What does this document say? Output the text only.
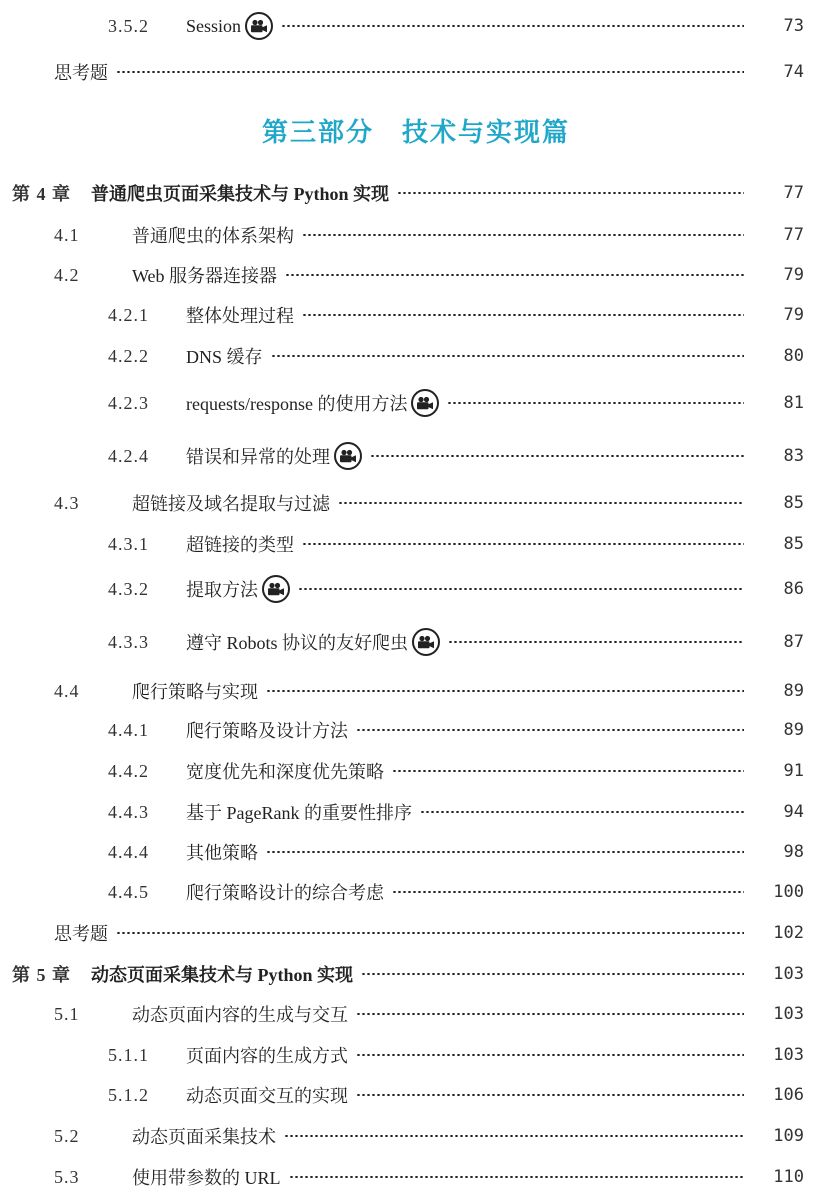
第三部分　技术与实现篇
3.5.2	Session	73
思考题	74
第 4 章 普通爬虫页面采集技术与 Python 实现	77
4.1	普通爬虫的体系架构	77
4.2	Web 服务器连接器	79
4.2.1	整体处理过程	79
4.2.2	DNS 缓存	80
4.2.3	requests/response 的使用方法	81
4.2.4	错误和异常的处理	83
4.3	超链接及域名提取与过滤	85
4.3.1	超链接的类型	85
4.3.2	提取方法	86
4.3.3	遵守 Robots 协议的友好爬虫	87
4.4	爬行策略与实现	89
4.4.1	爬行策略及设计方法	89
4.4.2	宽度优先和深度优先策略	91
4.4.3	基于 PageRank 的重要性排序	94
4.4.4	其他策略	98
4.4.5	爬行策略设计的综合考虑	100
思考题	102
第 5 章 动态页面采集技术与 Python 实现	103
5.1	动态页面内容的生成与交互	103
5.1.1	页面内容的生成方式	103
5.1.2	动态页面交互的实现	106
5.2	动态页面采集技术	109
5.3	使用带参数的 URL	110
